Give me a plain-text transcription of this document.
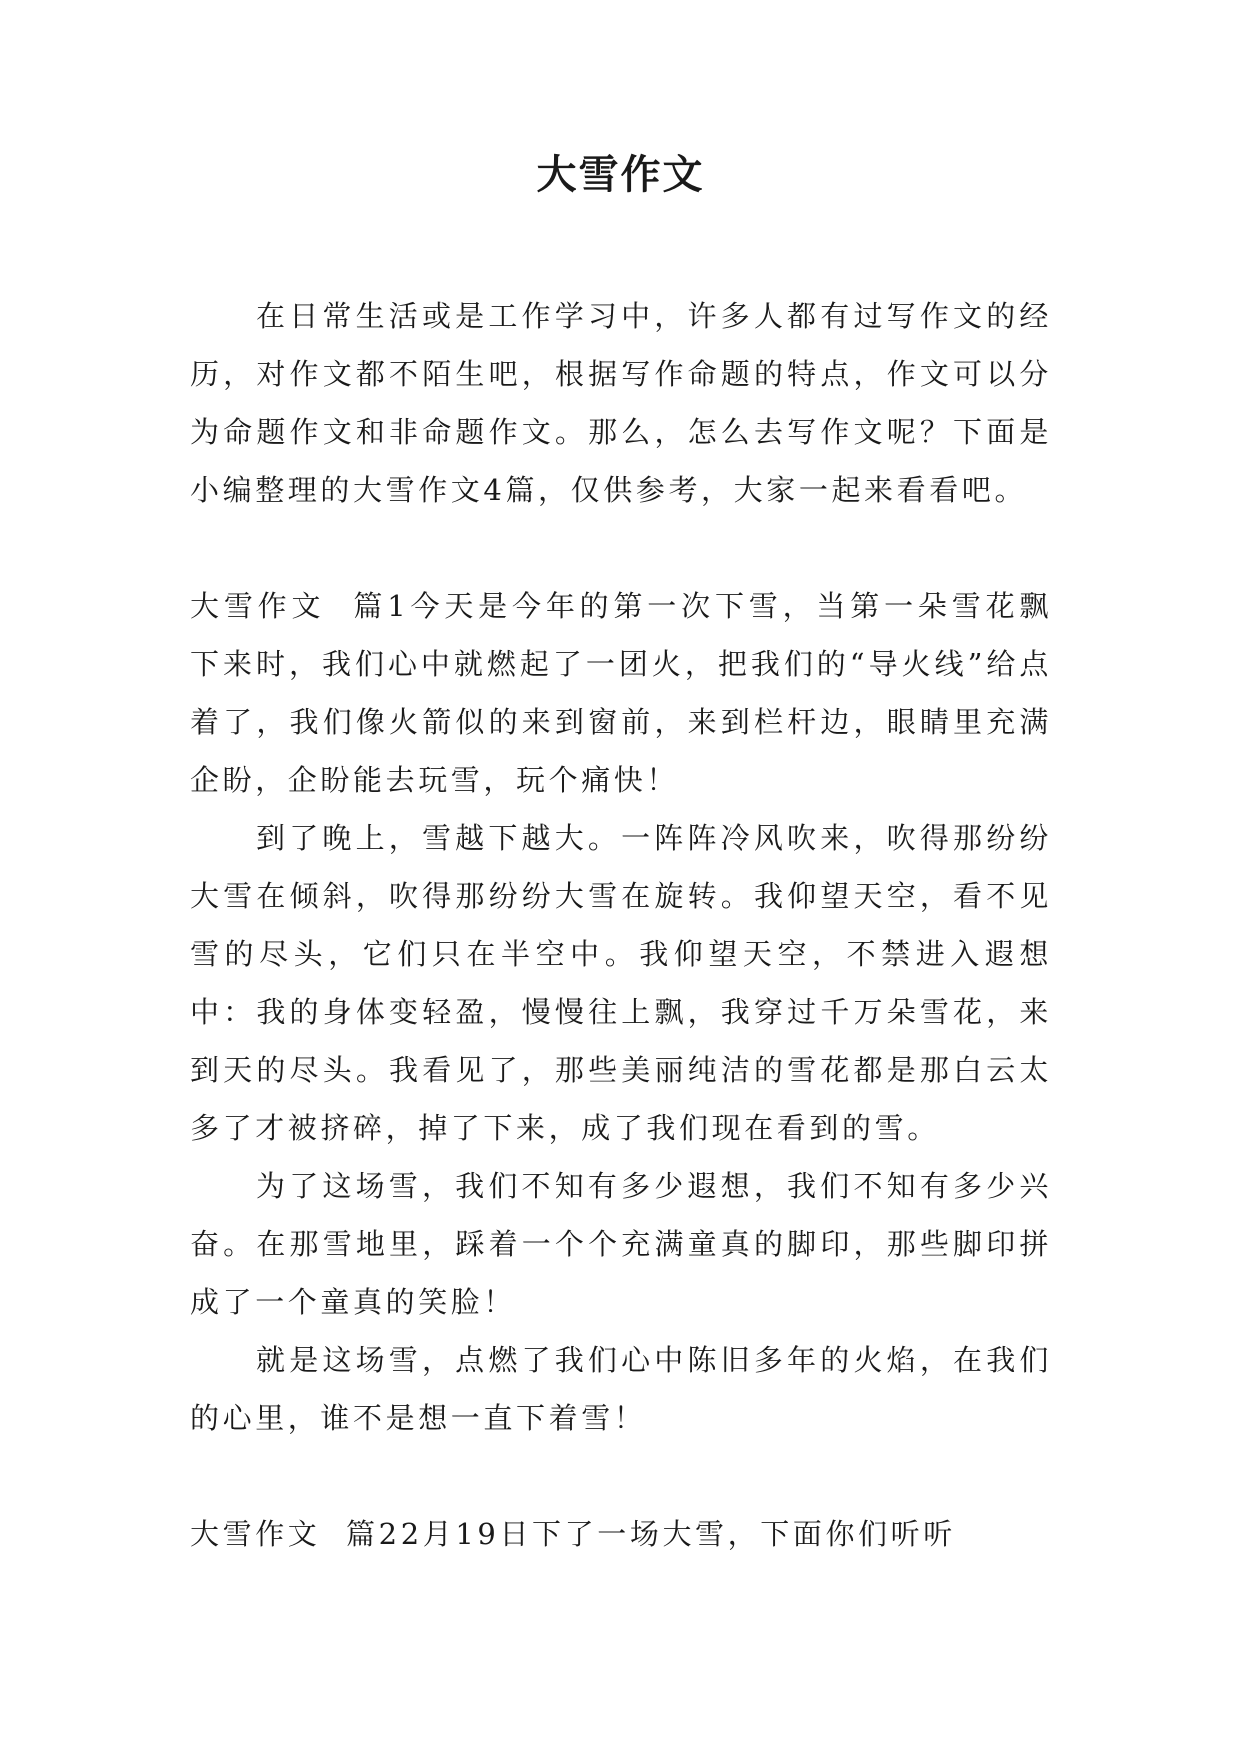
大雪作文

在日常生活或是工作学习中，许多人都有过写作文的经历，对作文都不陌生吧，根据写作命题的特点，作文可以分为命题作文和非命题作文。那么，怎么去写作文呢？下面是小编整理的大雪作文4篇，仅供参考，大家一起来看看吧。

大雪作文  篇1今天是今年的第一次下雪，当第一朵雪花飘下来时，我们心中就燃起了一团火，把我们的“导火线”给点着了，我们像火箭似的来到窗前，来到栏杆边，眼睛里充满企盼，企盼能去玩雪，玩个痛快！

到了晚上，雪越下越大。一阵阵冷风吹来，吹得那纷纷大雪在倾斜，吹得那纷纷大雪在旋转。我仰望天空，看不见雪的尽头，它们只在半空中。我仰望天空，不禁进入遐想中：我的身体变轻盈，慢慢往上飘，我穿过千万朵雪花，来到天的尽头。我看见了，那些美丽纯洁的雪花都是那白云太多了才被挤碎，掉了下来，成了我们现在看到的雪。

为了这场雪，我们不知有多少遐想，我们不知有多少兴奋。在那雪地里，踩着一个个充满童真的脚印，那些脚印拼成了一个童真的笑脸！

就是这场雪，点燃了我们心中陈旧多年的火焰，在我们的心里，谁不是想一直下着雪！

大雪作文  篇22月19日下了一场大雪，下面你们听听
